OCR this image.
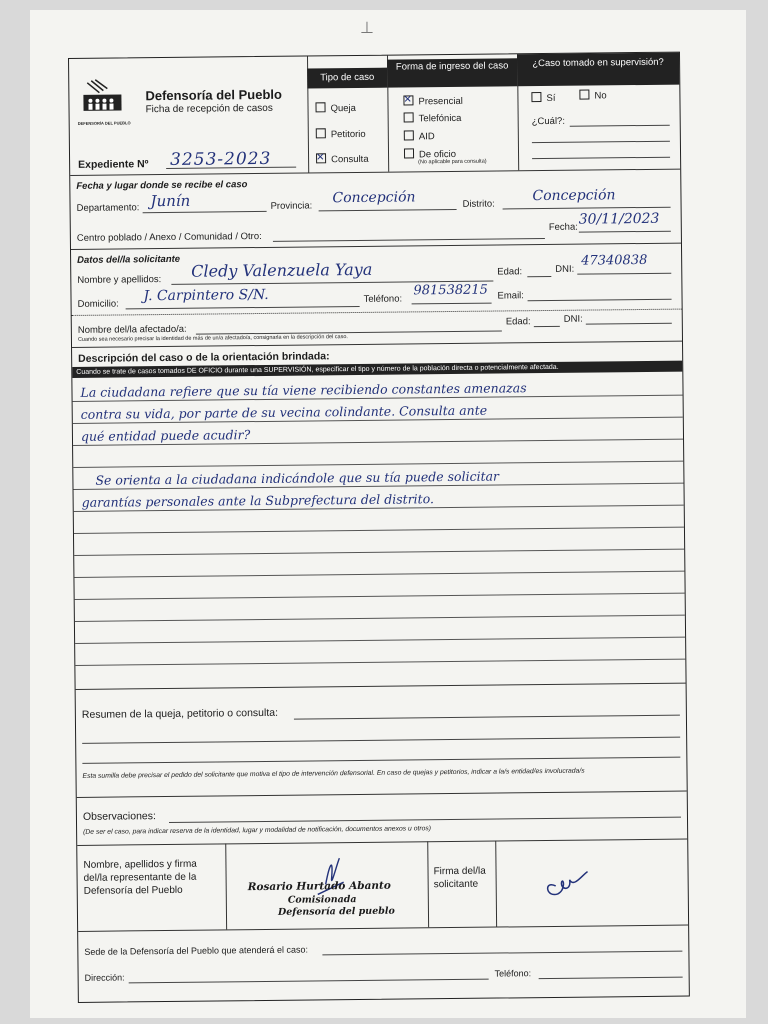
⊥
DEFENSORÍA DEL PUEBLO
Defensoría del Pueblo
Ficha de recepción de casos
Expediente Nº 3253-2023
Tipo de caso
Queja
Petitorio
✕Consulta
Forma de ingreso del caso
✕Presencial
Telefónica
AID
De oficio
(No aplicable para consulta)
¿Caso tomado en supervisión?
Sí	No
¿Cuál?:
Fecha y lugar donde se recibe el caso
Departamento: Junín	Provincia: Concepción	Distrito:
Concepción
Centro poblado / Anexo / Comunidad / Otro:
Fecha: 30/11/2023
Datos del/la solicitante
Nombre y apellidos: Cledy Valenzuela Yaya	Edad:	DNI:
47340838
Domicilio: J. Carpintero S/N.	Teléfono:
981538215 Email:
Nombre del/la afectado/a:
Edad:	DNI:
Cuando sea necesario precisar la identidad de más de un/a afectado/a, consignarla en la descripción del caso.
Descripción del caso o de la orientación brindada:
Cuando se trate de casos tomados DE OFICIO durante una SUPERVISIÓN, especificar el tipo y número de la población directa o potencialmente afectada.
La ciudadana refiere que su tía viene recibiendo constantes amenazas
contra su vida, por parte de su vecina colindante. Consulta ante
qué entidad puede acudir?
Se orienta a la ciudadana indicándole que su tía puede solicitar
garantías personales ante la Subprefectura del distrito.
Resumen de la queja, petitorio o consulta:
Esta sumilla debe precisar el pedido del solicitante que motiva el tipo de intervención defensorial. En caso de quejas y petitorios, indicar a la/s entidad/es involucrada/s
Observaciones:
(De ser el caso, para indicar reserva de la identidad, lugar y modalidad de notificación, documentos anexos u otros)
Nombre, apellidos y firma del/la representante de la Defensoría del Pueblo	Rosario Hurtado Abanto
Comisionada
Defensoría del pueblo
Firma del/la solicitante
Sede de la Defensoría del Pueblo que atenderá el caso:
Dirección:	Teléfono:
